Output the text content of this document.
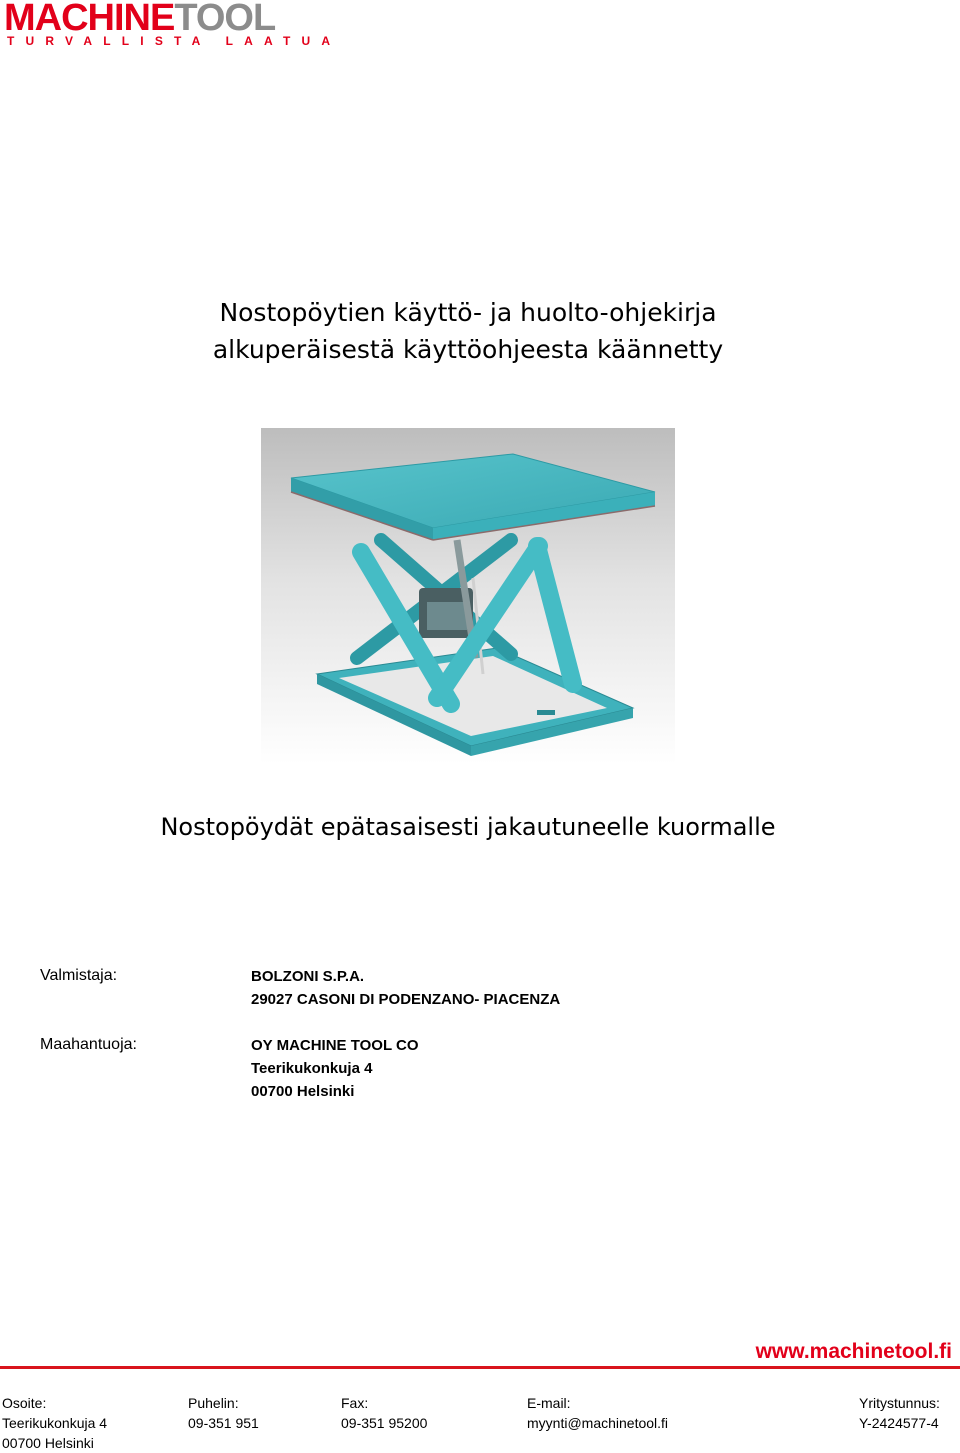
MACHINETOOL
TURVALLISTA LAATUA
Nostopöytien käyttö- ja huolto-ohjekirja
alkuperäisestä käyttöohjeesta käännetty
Nostopöydät epätasaisesti jakautuneelle kuormalle
Valmistaja:	BOLZONI S.P.A.
29027 CASONI DI PODENZANO- PIACENZA
Maahantuoja:	OY MACHINE TOOL CO
Teerikukonkuja 4
00700 Helsinki
www.machinetool.fi
Osoite:
Teerikukonkuja 4
00700 Helsinki
Puhelin:
09-351 951
Fax:
09-351 95200
E-mail:
myynti@machinetool.fi
Yritystunnus:
Y-2424577-4
